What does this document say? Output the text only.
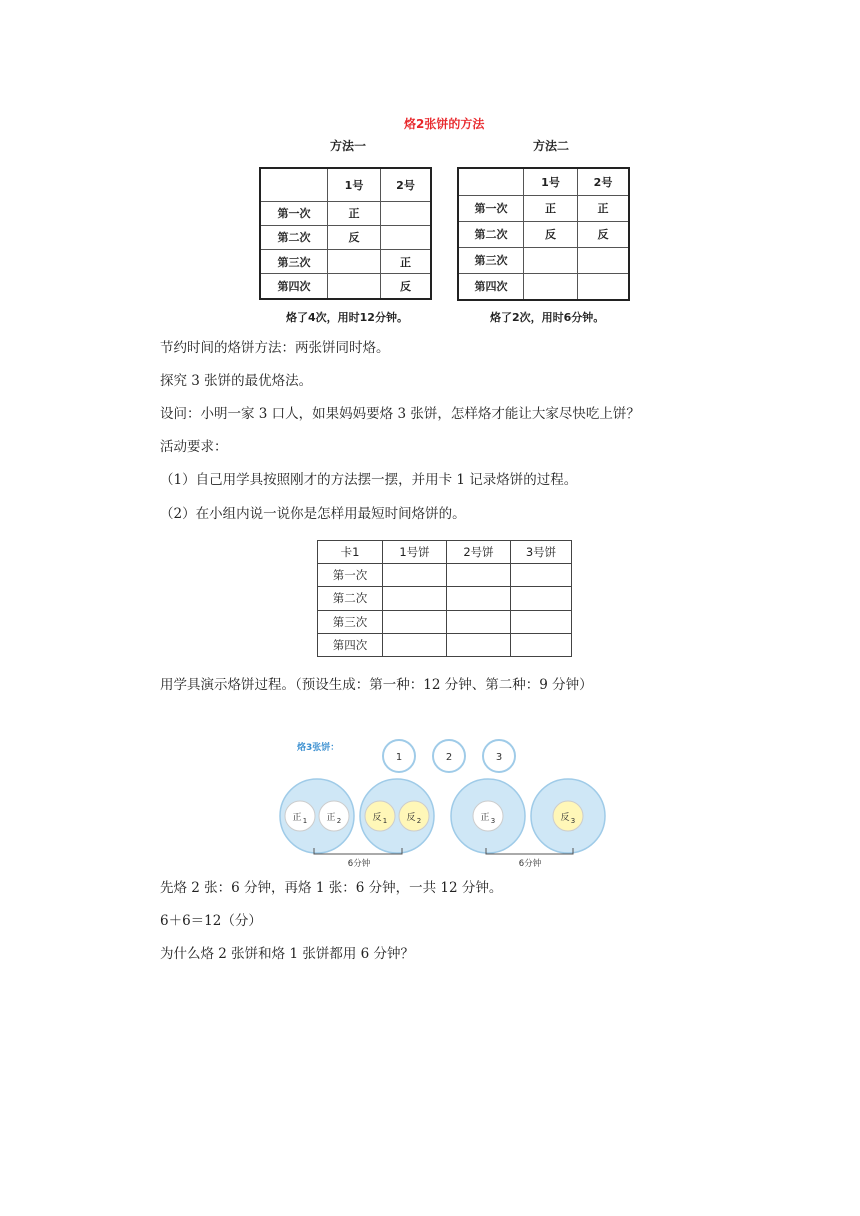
烙2张饼的方法
方法一	方法二
	1号	2号
第一次	正	
第二次	反	
第三次		正
第四次		反
	1号	2号
第一次	正	正
第二次	反	反
第三次		
第四次		
烙了4次，用时12分钟。	烙了2次，用时6分钟。
节约时间的烙饼方法：两张饼同时烙。
探究 3 张饼的最优烙法。
设问：小明一家 3 口人，如果妈妈要烙 3 张饼，怎样烙才能让大家尽快吃上饼？
活动要求：
（1）自己用学具按照刚才的方法摆一摆，并用卡 1 记录烙饼的过程。
（2）在小组内说一说你是怎样用最短时间烙饼的。
卡1	1号饼	2号饼	3号饼
第一次			
第二次			
第三次			
第四次			
用学具演示烙饼过程。（预设生成：第一种：12 分钟、第二种：9 分钟）
烙3张饼：
1	2	3
正 1 正 2	反 1 反 2	正 3	反 3
6分钟	6分钟
先烙 2 张：6 分钟，再烙 1 张：6 分钟，一共 12 分钟。
6＋6＝12（分）
为什么烙 2 张饼和烙 1 张饼都用 6 分钟？
